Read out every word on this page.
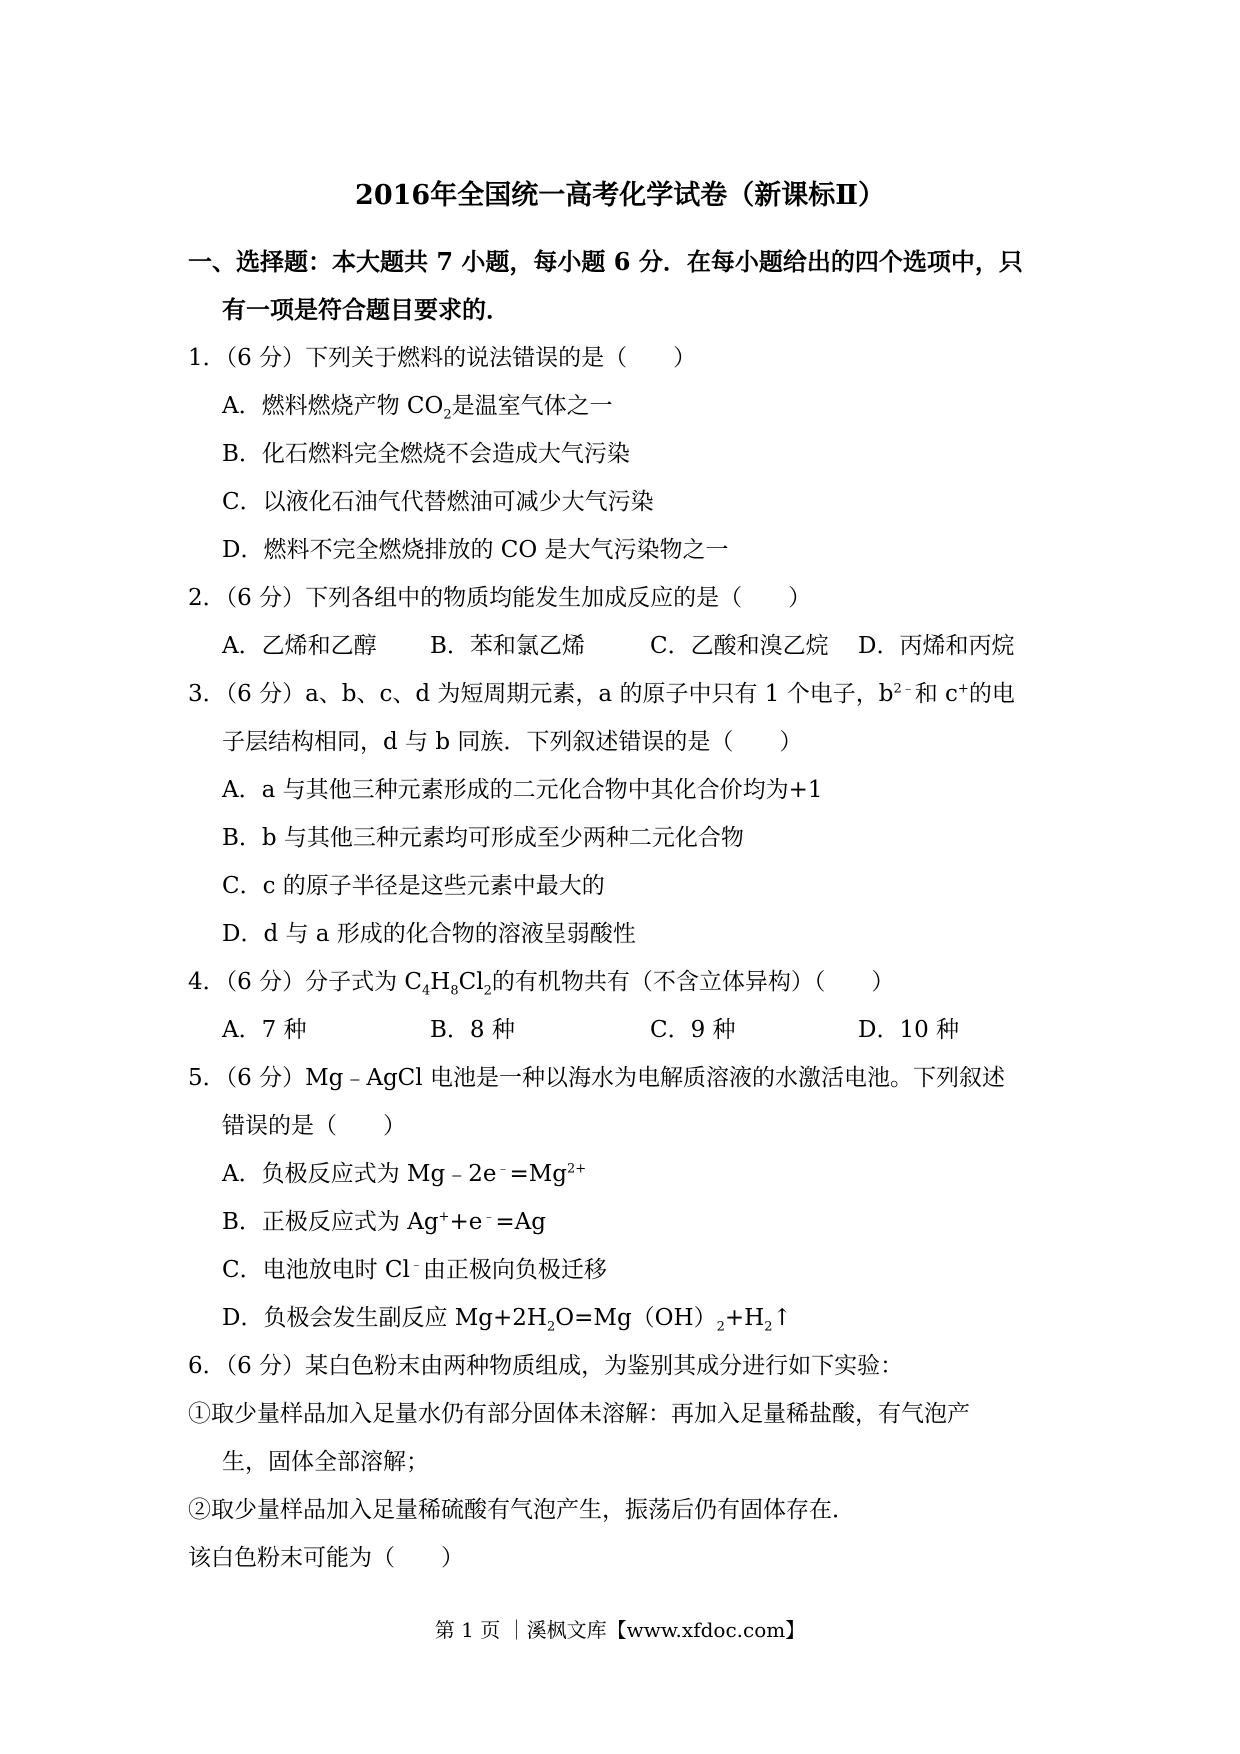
2016年全国统一高考化学试卷（新课标Ⅱ）
一、选择题：本大题共 7 小题，每小题 6 分．在每小题给出的四个选项中，只
有一项是符合题目要求的．
1．（6 分）下列关于燃料的说法错误的是（　　）
A．燃料燃烧产物 $CO_2$是温室气体之一
B．化石燃料完全燃烧不会造成大气污染
C．以液化石油气代替燃油可减少大气污染
D．燃料不完全燃烧排放的 CO 是大气污染物之一
2．（6 分）下列各组中的物质均能发生加成反应的是（　　）
A．乙烯和乙醇 B．苯和氯乙烯	C．乙酸和溴乙烷 D．丙烯和丙烷
3．（6 分）a、b、c、d 为短周期元素，a 的原子中只有 1 个电子，$b^{2﹣}$和 c+的电
子层结构相同，d 与 b 同族．下列叙述错误的是（　　）
A．a 与其他三种元素形成的二元化合物中其化合价均为+1
B．b 与其他三种元素均可形成至少两种二元化合物
C．c 的原子半径是这些元素中最大的
D．d 与 a 形成的化合物的溶液呈弱酸性
4．（6 分）分子式为 $C_4H_8Cl_2$的有机物共有（不含立体异构）（　　）
A．7 种	B．8 种	C．9 种	D．10 种
5．（6 分）Mg﹣AgCl 电池是一种以海水为电解质溶液的水激活电池。下列叙述
错误的是（　　）
A．负极反应式为 $Mg﹣2e^﹣=Mg^{2+}$
B．正极反应式为 Ag++e﹣=Ag
C．电池放电时 Cl﹣由正极向负极迁移
D．负极会发生副反应 $Mg+2H_2O=Mg(OH)_2+H_2↑$
6．（6 分）某白色粉末由两种物质组成，为鉴别其成分进行如下实验：
①取少量样品加入足量水仍有部分固体未溶解：再加入足量稀盐酸，有气泡产
生，固体全部溶解；
②取少量样品加入足量稀硫酸有气泡产生，振荡后仍有固体存在．
该白色粉末可能为（　　）
第 1 页 ｜溪枫文库【www.xfdoc.com】
